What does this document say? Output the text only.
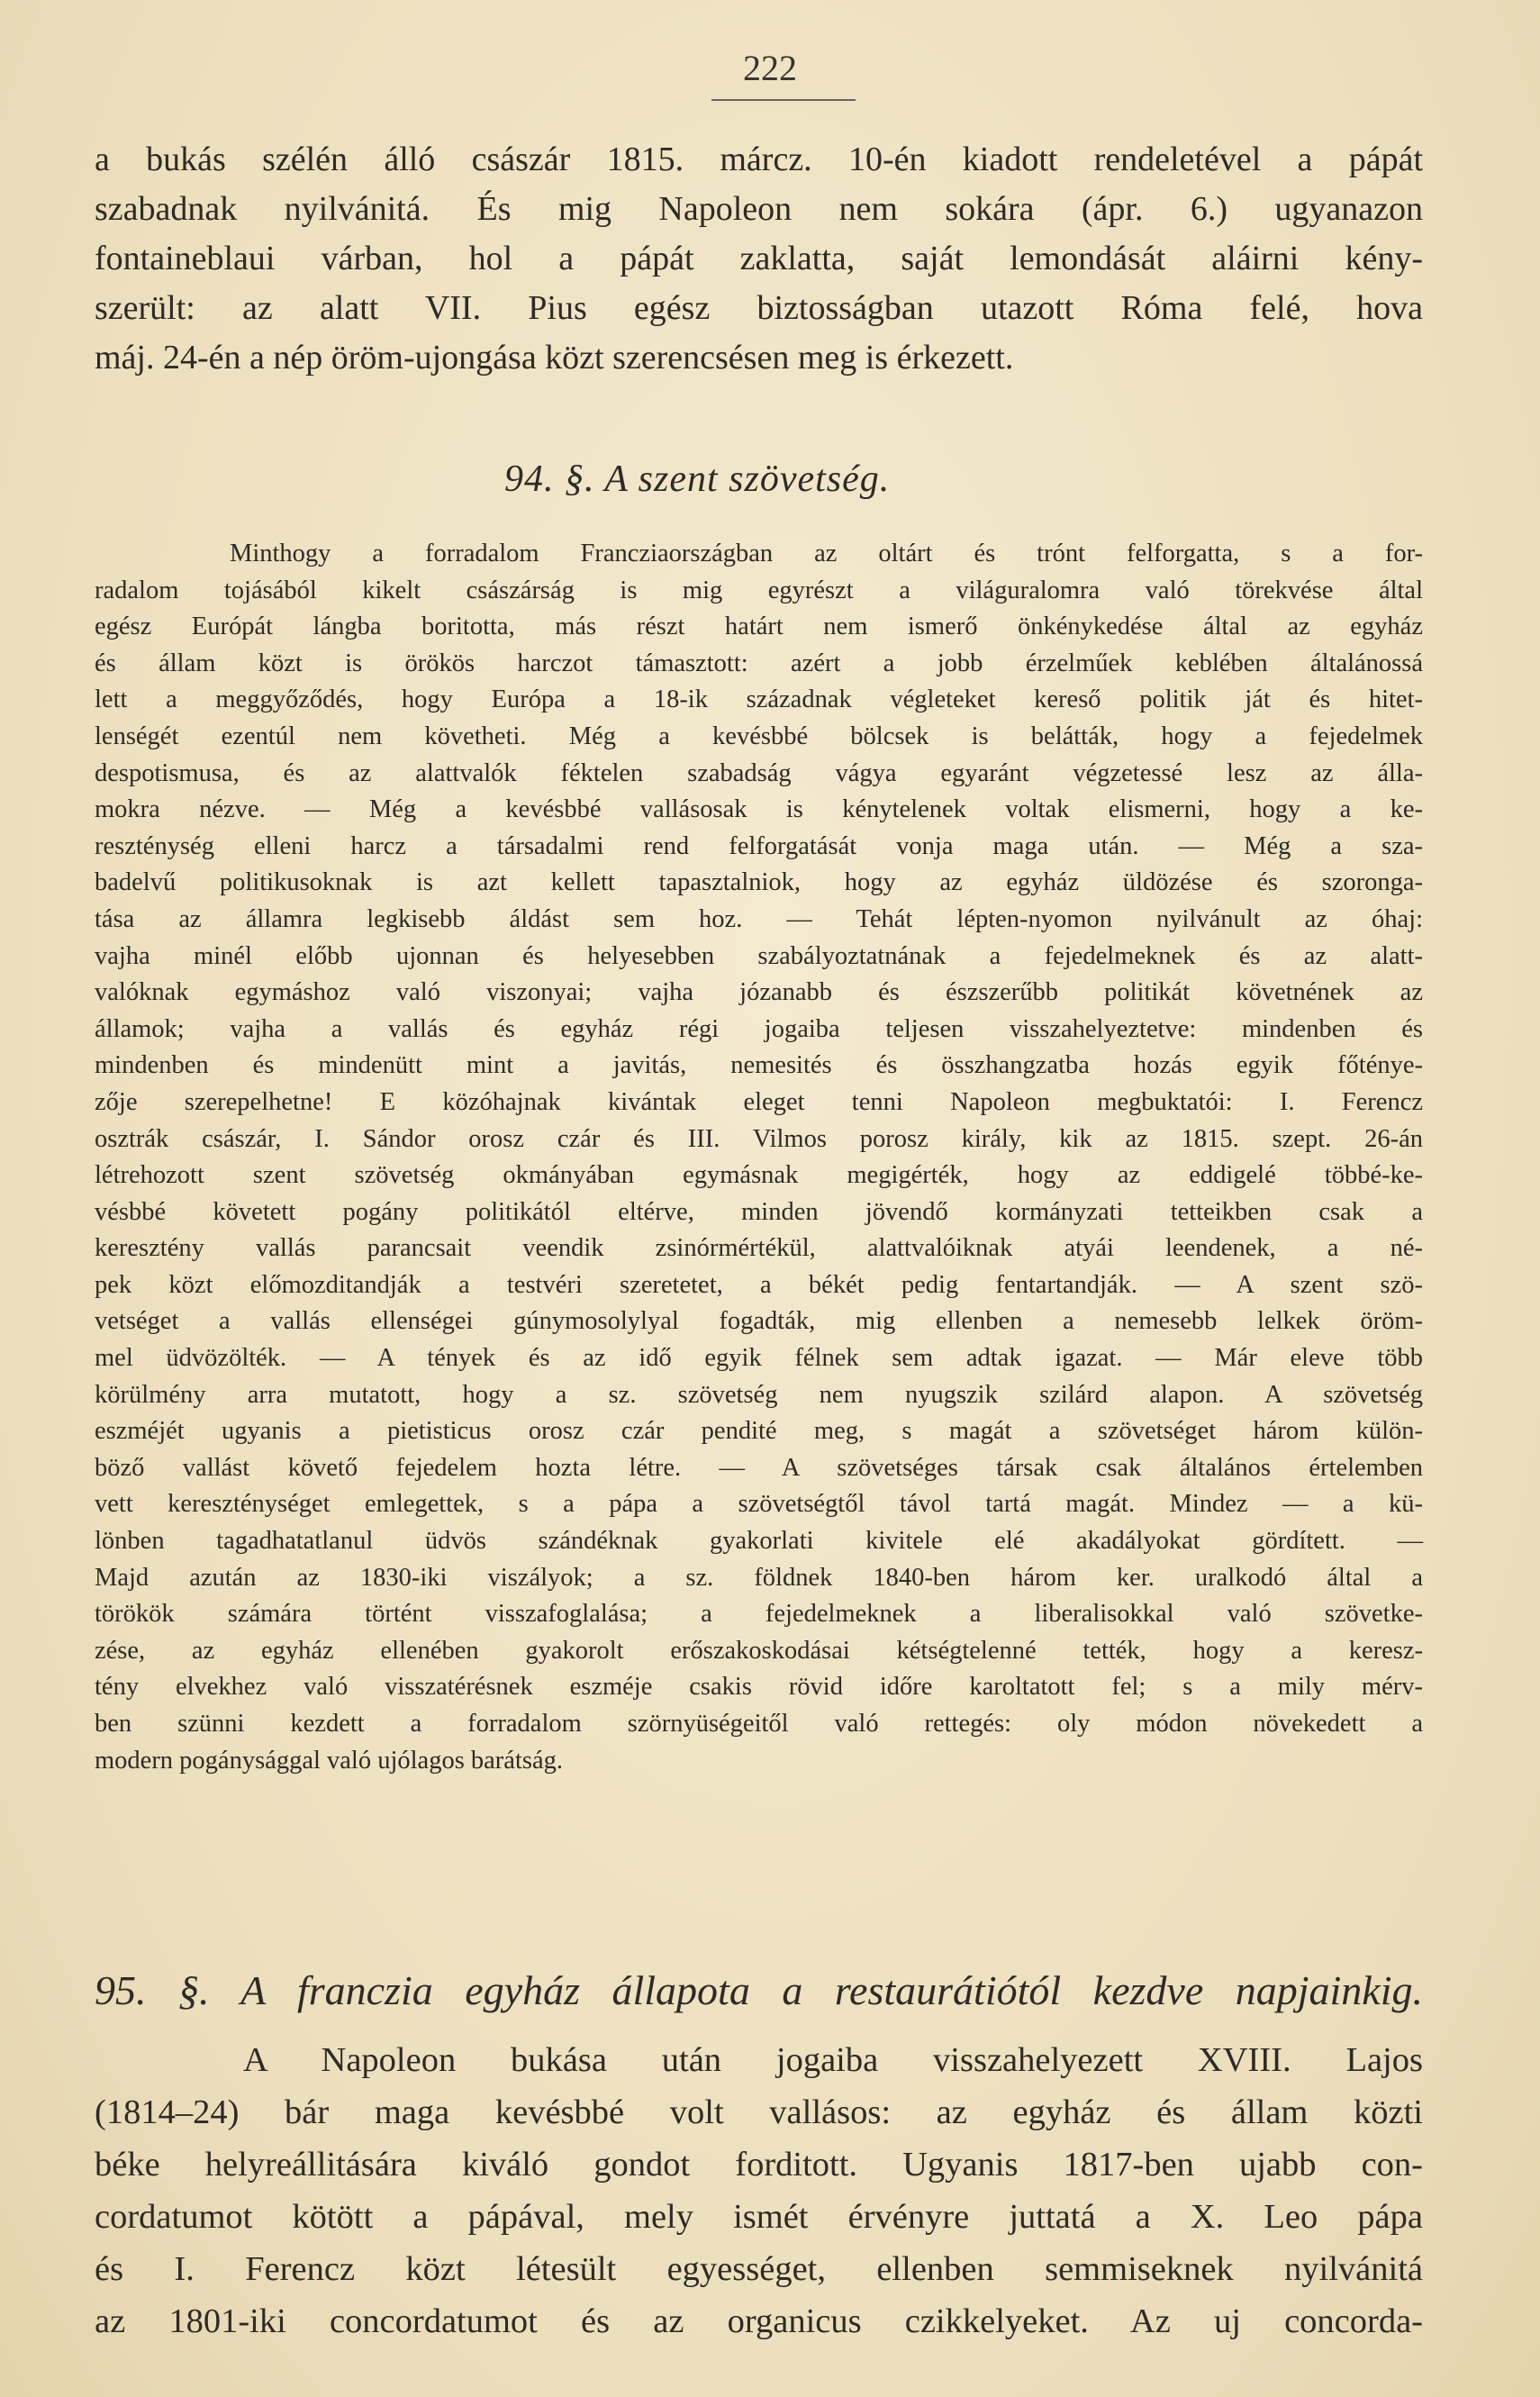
222
a bukás szélén álló császár 1815. márcz. 10-én kiadott rendeletével a pápát
szabadnak nyilvánitá. És mig Napoleon nem sokára (ápr. 6.) ugyanazon
fontaineblaui várban, hol a pápát zaklatta, saját lemondását aláirni kény-
szerült: az alatt VII. Pius egész biztosságban utazott Róma felé, hova
máj. 24-én a nép öröm-ujongása közt szerencsésen meg is érkezett.
94. §. A szent szövetség.
Minthogy a forradalom Francziaországban az oltárt és trónt felforgatta, s a for-
radalom tojásából kikelt császárság is mig egyrészt a világuralomra való törekvése által
egész Európát lángba boritotta, más részt határt nem ismerő önkénykedése által az egyház
és állam közt is örökös harczot támasztott: azért a jobb érzelműek keblében általánossá
lett a meggyőződés, hogy Európa a 18-ik századnak végleteket kereső politik ját és hitet-
lenségét ezentúl nem követheti. Még a kevésbbé bölcsek is belátták, hogy a fejedelmek
despotismusa, és az alattvalók féktelen szabadság vágya egyaránt végzetessé lesz az álla-
mokra nézve. — Még a kevésbbé vallásosak is kénytelenek voltak elismerni, hogy a ke-
reszténység elleni harcz a társadalmi rend felforgatását vonja maga után. — Még a sza-
badelvű politikusoknak is azt kellett tapasztalniok, hogy az egyház üldözése és szoronga-
tása az államra legkisebb áldást sem hoz. — Tehát lépten-nyomon nyilvánult az óhaj:
vajha minél előbb ujonnan és helyesebben szabályoztatnának a fejedelmeknek és az alatt-
valóknak egymáshoz való viszonyai; vajha józanabb és észszerűbb politikát követnének az
államok; vajha a vallás és egyház régi jogaiba teljesen visszahelyeztetve: mindenben és
mindenben és mindenütt mint a javitás, nemesités és összhangzatba hozás egyik főténye-
zője szerepelhetne! E közóhajnak kivántak eleget tenni Napoleon megbuktatói: I. Ferencz
osztrák császár, I. Sándor orosz czár és III. Vilmos porosz király, kik az 1815. szept. 26-án
létrehozott szent szövetség okmányában egymásnak megigérték, hogy az eddigelé többé-ke-
vésbbé követett pogány politikától eltérve, minden jövendő kormányzati tetteikben csak a
keresztény vallás parancsait veendik zsinórmértékül, alattvalóiknak atyái leendenek, a né-
pek közt előmozditandják a testvéri szeretetet, a békét pedig fentartandják. — A szent szö-
vetséget a vallás ellenségei gúnymosolylyal fogadták, mig ellenben a nemesebb lelkek öröm-
mel üdvözölték. — A tények és az idő egyik félnek sem adtak igazat. — Már eleve több
körülmény arra mutatott, hogy a sz. szövetség nem nyugszik szilárd alapon. A szövetség
eszméjét ugyanis a pietisticus orosz czár pendité meg, s magát a szövetséget három külön-
böző vallást követő fejedelem hozta létre. — A szövetséges társak csak általános értelemben
vett kereszténységet emlegettek, s a pápa a szövetségtől távol tartá magát. Mindez — a kü-
lönben tagadhatatlanul üdvös szándéknak gyakorlati kivitele elé akadályokat gördített. —
Majd azután az 1830-iki viszályok; a sz. földnek 1840-ben három ker. uralkodó által a
törökök számára történt visszafoglalása; a fejedelmeknek a liberalisokkal való szövetke-
zése, az egyház ellenében gyakorolt erőszakoskodásai kétségtelenné tették, hogy a keresz-
tény elvekhez való visszatérésnek eszméje csakis rövid időre karoltatott fel; s a mily mérv-
ben szünni kezdett a forradalom szörnyüségeitől való rettegés: oly módon növekedett a
modern pogánysággal való ujólagos barátság.
95. §. A franczia egyház állapota a restaurátiótól kezdve napjainkig.
A Napoleon bukása után jogaiba visszahelyezett XVIII. Lajos
(1814–24) bár maga kevésbbé volt vallásos: az egyház és állam közti
béke helyreállitására kiváló gondot forditott. Ugyanis 1817-ben ujabb con-
cordatumot kötött a pápával, mely ismét érvényre juttatá a X. Leo pápa
és I. Ferencz közt létesült egyességet, ellenben semmiseknek nyilvánitá
az 1801-iki concordatumot és az organicus czikkelyeket. Az uj concorda-
